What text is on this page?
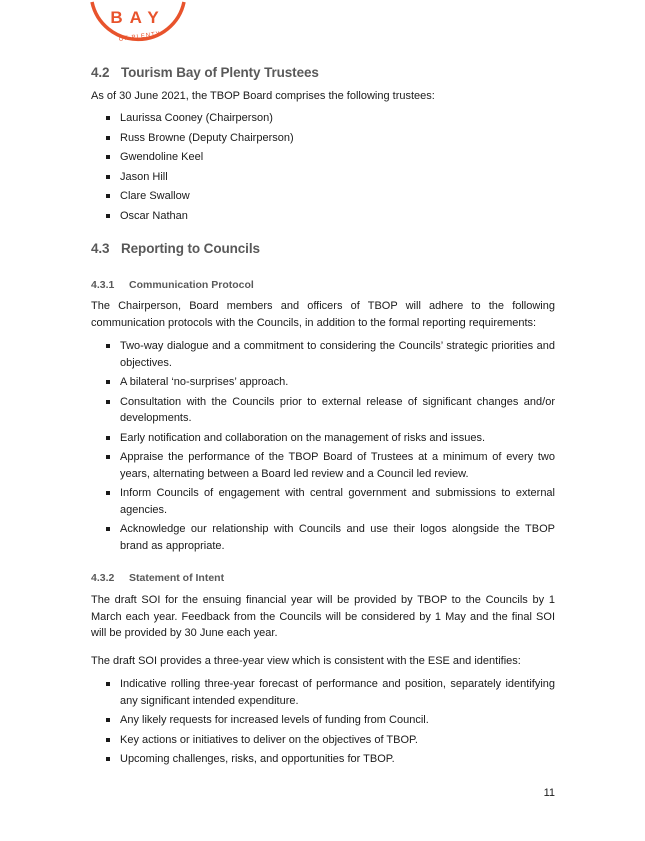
BAY
OF PLENTY
4.2 Tourism Bay of Plenty Trustees

As of 30 June 2021, the TBOP Board comprises the following trustees:

Laurissa Cooney (Chairperson)
Russ Browne (Deputy Chairperson)
Gwendoline Keel
Jason Hill
Clare Swallow
Oscar Nathan
4.3 Reporting to Councils
4.3.1 Communication Protocol

The Chairperson, Board members and officers of TBOP will adhere to the following communication protocols with the Councils, in addition to the formal reporting requirements:

Two-way dialogue and a commitment to considering the Councils’ strategic priorities and objectives.
A bilateral ‘no-surprises’ approach.
Consultation with the Councils prior to external release of significant changes and/or developments.
Early notification and collaboration on the management of risks and issues.
Appraise the performance of the TBOP Board of Trustees at a minimum of every two years, alternating between a Board led review and a Council led review.
Inform Councils of engagement with central government and submissions to external agencies.
Acknowledge our relationship with Councils and use their logos alongside the TBOP brand as appropriate.
4.3.2 Statement of Intent

The draft SOI for the ensuing financial year will be provided by TBOP to the Councils by 1 March each year. Feedback from the Councils will be considered by 1 May and the final SOI will be provided by 30 June each year.

The draft SOI provides a three-year view which is consistent with the ESE and identifies:

Indicative rolling three-year forecast of performance and position, separately identifying any significant intended expenditure.
Any likely requests for increased levels of funding from Council.
Key actions or initiatives to deliver on the objectives of TBOP.
Upcoming challenges, risks, and opportunities for TBOP.
11
